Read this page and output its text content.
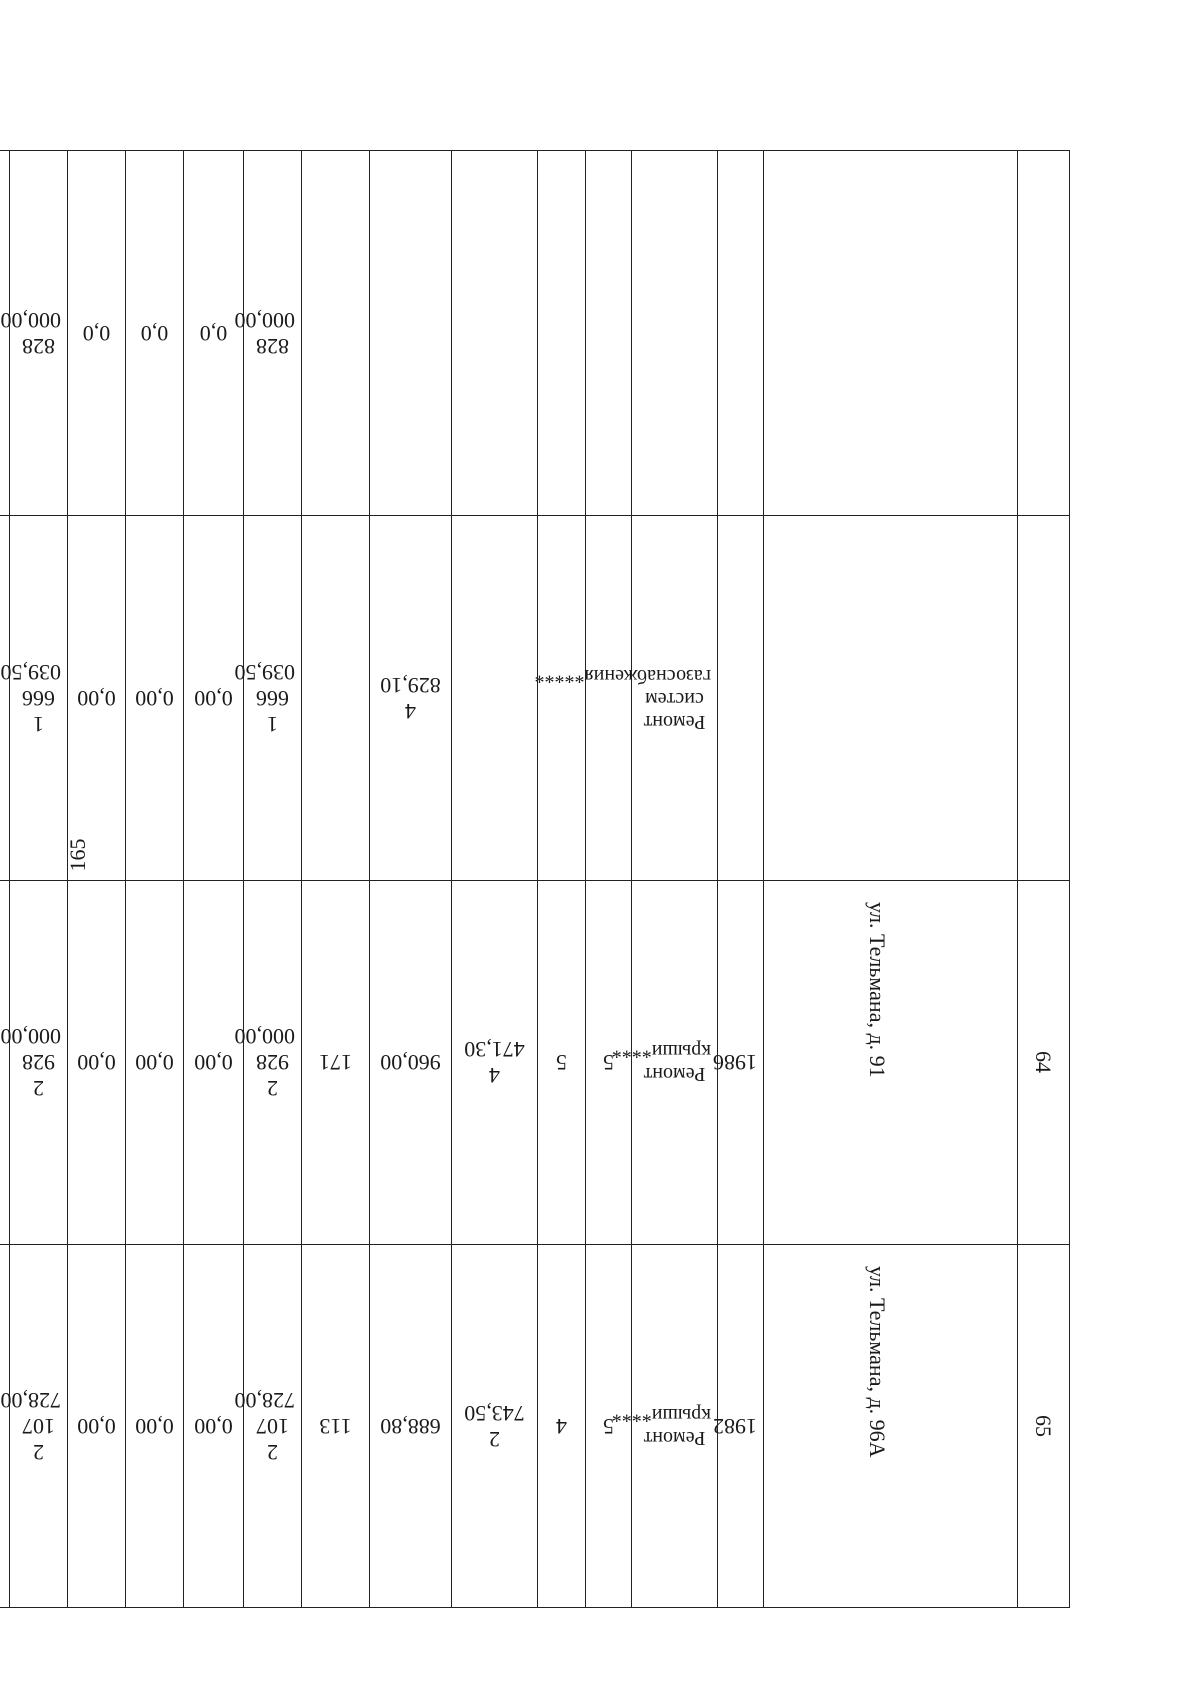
165
65	ул. Тельмана, д. 96А	1982	Ремонт крыши****	5	4	2 743,50	688,80	113	2 107 728,00	0,00	0,00	0,00	2 107 728,00		
64	ул. Тельмана, д. 91	1986	Ремонт крыши****	5	5	4 471,30	960,00	171	2 928 000,00	0,00	0,00	0,00	2 928 000,00		
			Ремонт систем газоснабжения*****				4 829,10		1 666 039,50	0,00	0,00	0,00	1 666 039,50		
									828 000,00	0,0	0,0	0,0	828 000,00		
